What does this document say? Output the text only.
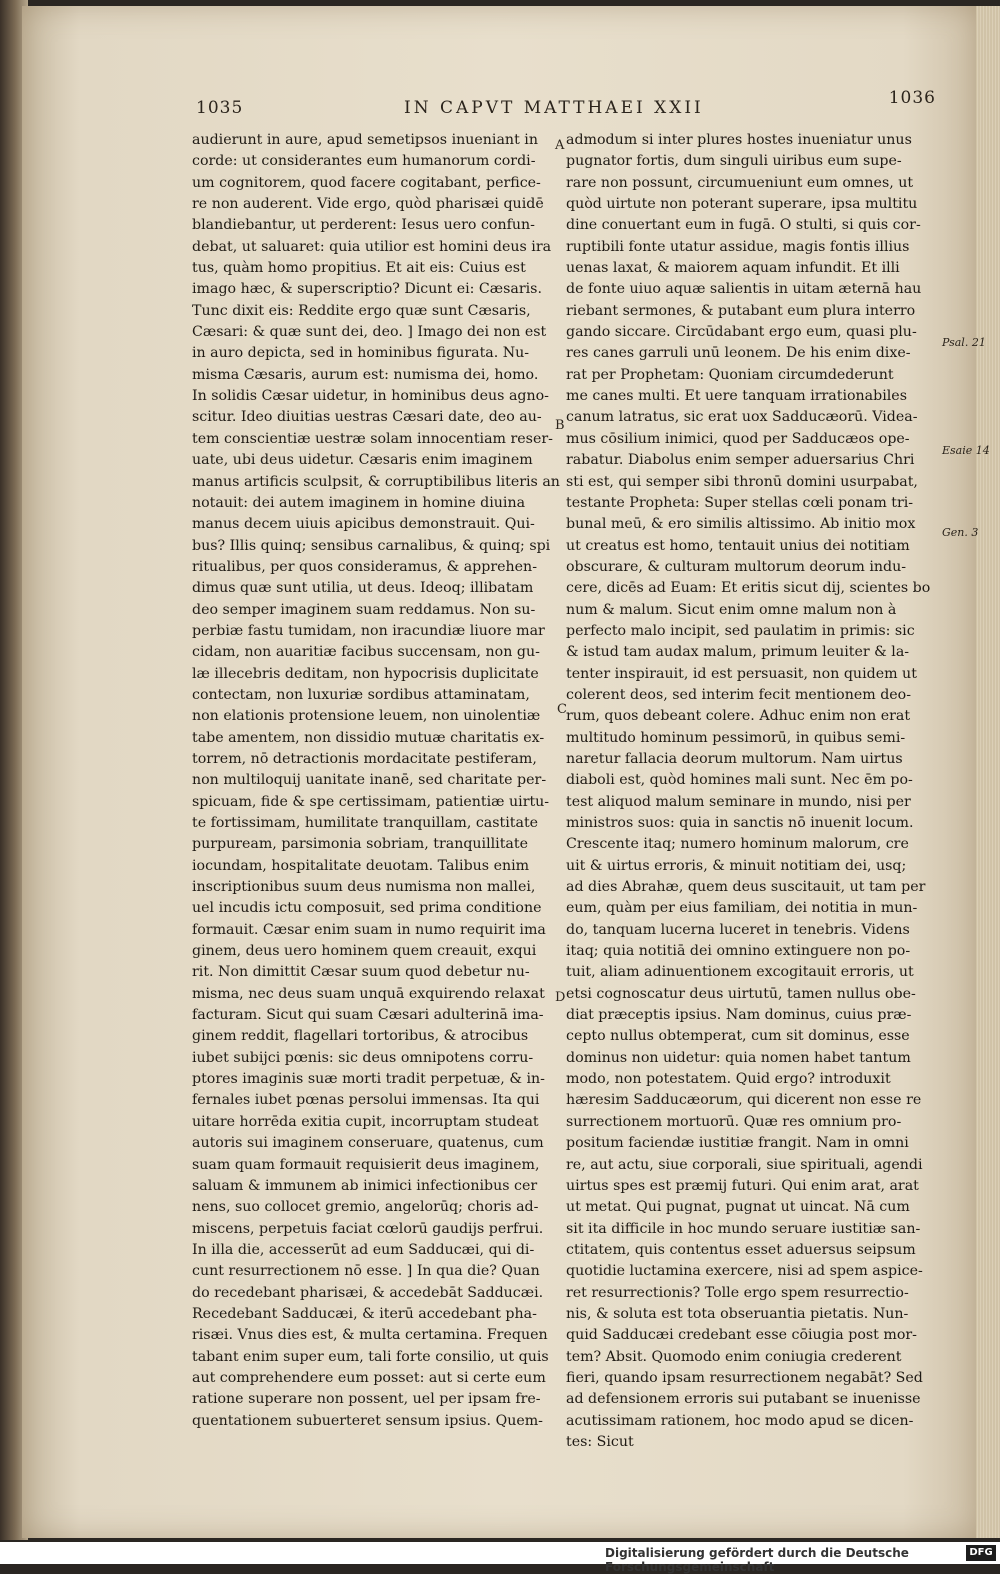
1035	IN CAPVT MATTHAEI XXII	1036
audierunt in aure, apud semetipsos inueniant in
corde: ut considerantes eum humanorum cordi-
um cognitorem, quod facere cogitabant, perfice-
re non auderent. Vide ergo, quòd pharisæi quidē
blandiebantur, ut perderent: Iesus uero confun-
debat, ut saluaret: quia utilior est homini deus ira
tus, quàm homo propitius. Et ait eis: Cuius est
imago hæc, & superscriptio? Dicunt ei: Cæsaris.
Tunc dixit eis: Reddite ergo quæ sunt Cæsaris,
Cæsari: & quæ sunt dei, deo. ] Imago dei non est
in auro depicta, sed in hominibus figurata. Nu-
misma Cæsaris, aurum est: numisma dei, homo.
In solidis Cæsar uidetur, in hominibus deus agno-
scitur. Ideo diuitias uestras Cæsari date, deo au-
tem conscientiæ uestræ solam innocentiam reser-
uate, ubi deus uidetur. Cæsaris enim imaginem
manus artificis sculpsit, & corruptibilibus literis an
notauit: dei autem imaginem in homine diuina
manus decem uiuis apicibus demonstrauit. Qui-
bus? Illis quinq; sensibus carnalibus, & quinq; spi
ritualibus, per quos consideramus, & apprehen-
dimus quæ sunt utilia, ut deus. Ideoq; illibatam
deo semper imaginem suam reddamus. Non su-
perbiæ fastu tumidam, non iracundiæ liuore mar
cidam, non auaritiæ facibus succensam, non gu-
læ illecebris deditam, non hypocrisis duplicitate
contectam, non luxuriæ sordibus attaminatam,
non elationis protensione leuem, non uinolentiæ
tabe amentem, non dissidio mutuæ charitatis ex-
torrem, nō detractionis mordacitate pestiferam,
non multiloquij uanitate inanē, sed charitate per-
spicuam, fide & spe certissimam, patientiæ uirtu-
te fortissimam, humilitate tranquillam, castitate
purpuream, parsimonia sobriam, tranquillitate
iocundam, hospitalitate deuotam. Talibus enim
inscriptionibus suum deus numisma non mallei,
uel incudis ictu composuit, sed prima conditione
formauit. Cæsar enim suam in numo requirit ima
ginem, deus uero hominem quem creauit, exqui
rit. Non dimittit Cæsar suum quod debetur nu-
misma, nec deus suam unquā exquirendo relaxat
facturam. Sicut qui suam Cæsari adulterinā ima-
ginem reddit, flagellari tortoribus, & atrocibus
iubet subijci pœnis: sic deus omnipotens corru-
ptores imaginis suæ morti tradit perpetuæ, & in-
fernales iubet pœnas persolui immensas. Ita qui
uitare horrēda exitia cupit, incorruptam studeat
autoris sui imaginem conseruare, quatenus, cum
suam quam formauit requisierit deus imaginem,
saluam & immunem ab inimici infectionibus cer
nens, suo collocet gremio, angelorūq; choris ad-
miscens, perpetuis faciat cœlorū gaudijs perfrui.
In illa die, accesserūt ad eum Sadducæi, qui di-
cunt resurrectionem nō esse. ] In qua die? Quan
do recedebant pharisæi, & accedebāt Sadducæi.
Recedebant Sadducæi, & iterū accedebant pha-
risæi. Vnus dies est, & multa certamina. Frequen
tabant enim super eum, tali forte consilio, ut quis
aut comprehendere eum posset: aut si certe eum
ratione superare non possent, uel per ipsam fre-
quentationem subuerteret sensum ipsius. Quem-
admodum si inter plures hostes inueniatur unus
pugnator fortis, dum singuli uiribus eum supe-
rare non possunt, circumueniunt eum omnes, ut
quòd uirtute non poterant superare, ipsa multitu
dine conuertant eum in fugā. O stulti, si quis cor-
ruptibili fonte utatur assidue, magis fontis illius
uenas laxat, & maiorem aquam infundit. Et illi
de fonte uiuo aquæ salientis in uitam æternā hau
riebant sermones, & putabant eum plura interro
gando siccare. Circūdabant ergo eum, quasi plu-
res canes garruli unū leonem. De his enim dixe-
rat per Prophetam: Quoniam circumdederunt
me canes multi. Et uere tanquam irrationabiles
canum latratus, sic erat uox Sadducæorū. Videa-
mus cōsilium inimici, quod per Sadducæos ope-
rabatur. Diabolus enim semper aduersarius Chri
sti est, qui semper sibi thronū domini usurpabat,
testante Propheta: Super stellas cœli ponam tri-
bunal meū, & ero similis altissimo. Ab initio mox
ut creatus est homo, tentauit unius dei notitiam
obscurare, & culturam multorum deorum indu-
cere, dicēs ad Euam: Et eritis sicut dij, scientes bo
num & malum. Sicut enim omne malum non à
perfecto malo incipit, sed paulatim in primis: sic
& istud tam audax malum, primum leuiter & la-
tenter inspirauit, id est persuasit, non quidem ut
colerent deos, sed interim fecit mentionem deo-
rum, quos debeant colere. Adhuc enim non erat
multitudo hominum pessimorū, in quibus semi-
naretur fallacia deorum multorum. Nam uirtus
diaboli est, quòd homines mali sunt. Nec ēm po-
test aliquod malum seminare in mundo, nisi per
ministros suos: quia in sanctis nō inuenit locum.
Crescente itaq; numero hominum malorum, cre
uit & uirtus erroris, & minuit notitiam dei, usq;
ad dies Abrahæ, quem deus suscitauit, ut tam per
eum, quàm per eius familiam, dei notitia in mun-
do, tanquam lucerna luceret in tenebris. Videns
itaq; quia notitiā dei omnino extinguere non po-
tuit, aliam adinuentionem excogitauit erroris, ut
etsi cognoscatur deus uirtutū, tamen nullus obe-
diat præceptis ipsius. Nam dominus, cuius præ-
cepto nullus obtemperat, cum sit dominus, esse
dominus non uidetur: quia nomen habet tantum
modo, non potestatem. Quid ergo? introduxit
hæresim Sadducæorum, qui dicerent non esse re
surrectionem mortuorū. Quæ res omnium pro-
positum faciendæ iustitiæ frangit. Nam in omni
re, aut actu, siue corporali, siue spirituali, agendi
uirtus spes est præmij futuri. Qui enim arat, arat
ut metat. Qui pugnat, pugnat ut uincat. Nā cum
sit ita difficile in hoc mundo seruare iustitiæ san-
ctitatem, quis contentus esset aduersus seipsum
quotidie luctamina exercere, nisi ad spem aspice-
ret resurrectionis? Tolle ergo spem resurrectio-
nis, & soluta est tota obseruantia pietatis. Nun-
quid Sadducæi credebant esse cōiugia post mor-
tem? Absit. Quomodo enim coniugia crederent
fieri, quando ipsam resurrectionem negabāt? Sed
ad defensionem erroris sui putabant se inuenisse
acutissimam rationem, hoc modo apud se dicen-
tes: Sicut
A
B
C
D
Psal. 21
Esaie 14
Gen. 3
Digitalisierung gefördert durch die Deutsche Forschungsgemeinschaft
DFG
